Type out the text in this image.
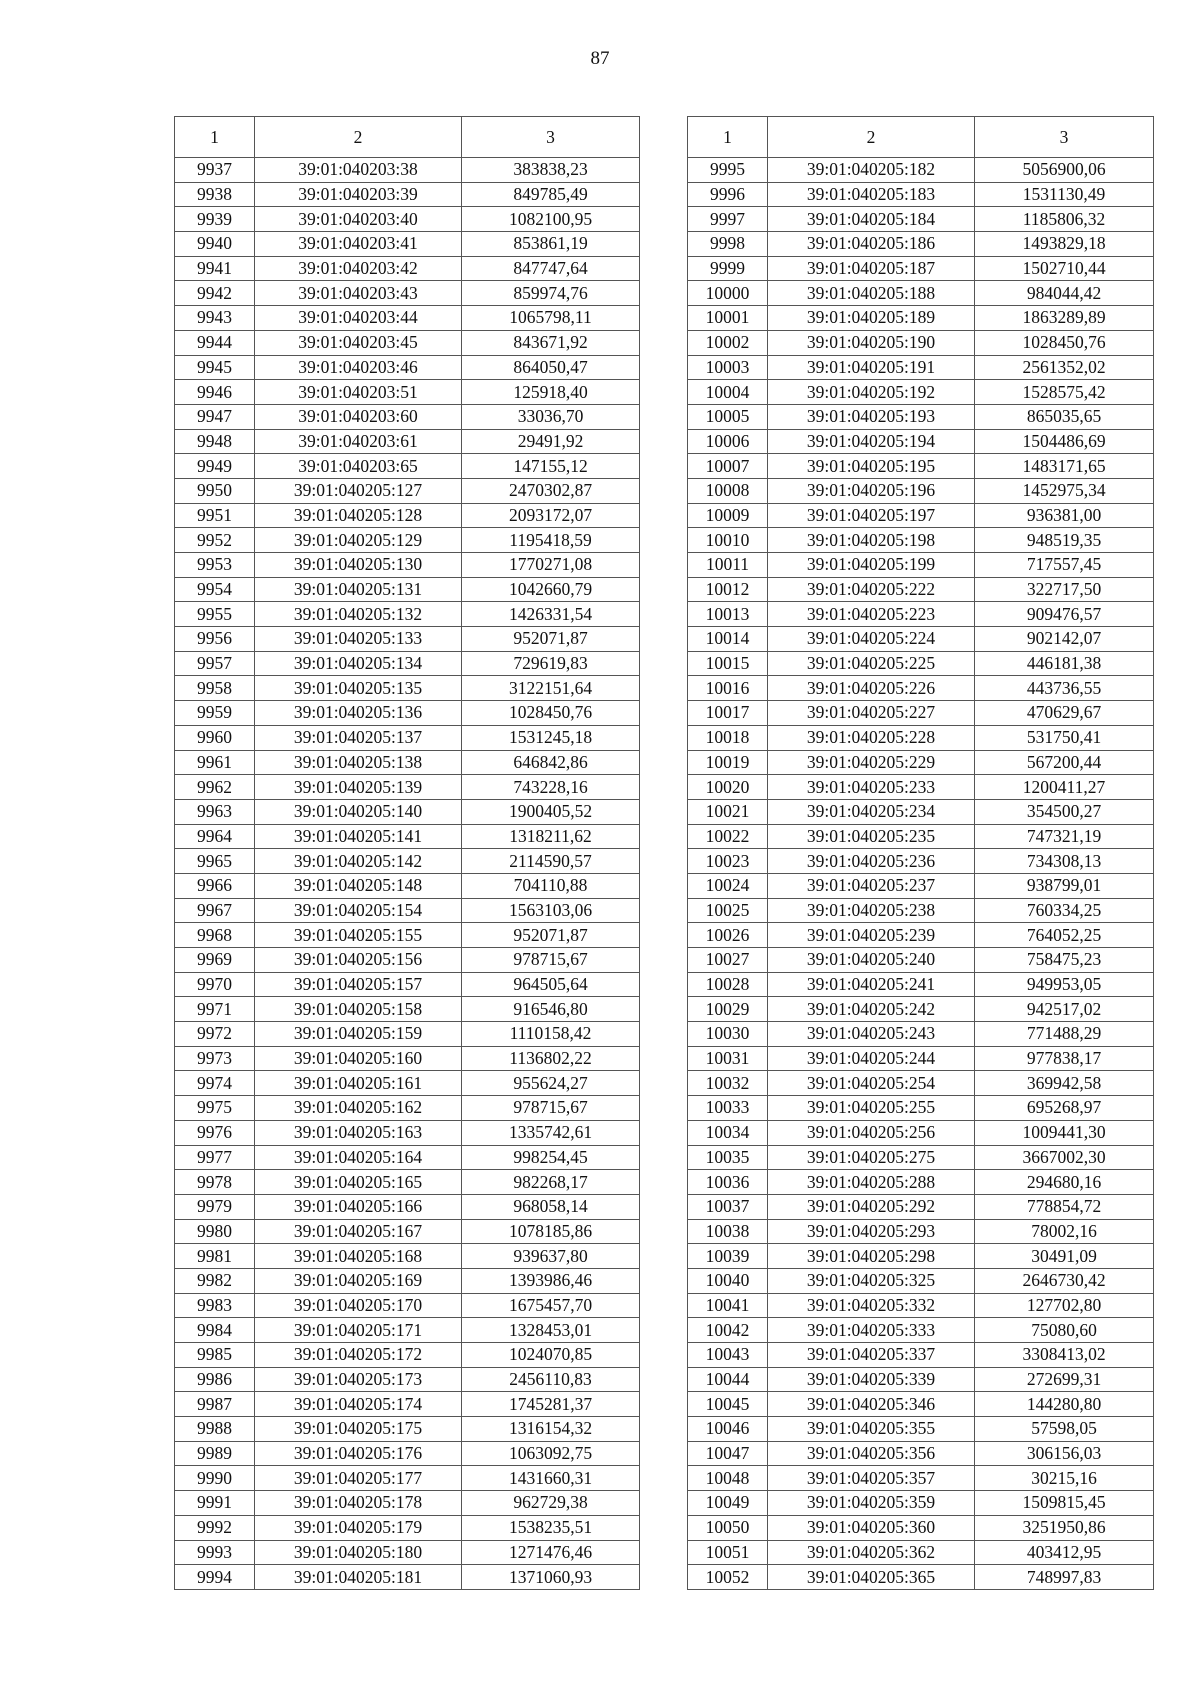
87
1	2	3
9937	39:01:040203:38	383838,23
9938	39:01:040203:39	849785,49
9939	39:01:040203:40	1082100,95
9940	39:01:040203:41	853861,19
9941	39:01:040203:42	847747,64
9942	39:01:040203:43	859974,76
9943	39:01:040203:44	1065798,11
9944	39:01:040203:45	843671,92
9945	39:01:040203:46	864050,47
9946	39:01:040203:51	125918,40
9947	39:01:040203:60	33036,70
9948	39:01:040203:61	29491,92
9949	39:01:040203:65	147155,12
9950	39:01:040205:127	2470302,87
9951	39:01:040205:128	2093172,07
9952	39:01:040205:129	1195418,59
9953	39:01:040205:130	1770271,08
9954	39:01:040205:131	1042660,79
9955	39:01:040205:132	1426331,54
9956	39:01:040205:133	952071,87
9957	39:01:040205:134	729619,83
9958	39:01:040205:135	3122151,64
9959	39:01:040205:136	1028450,76
9960	39:01:040205:137	1531245,18
9961	39:01:040205:138	646842,86
9962	39:01:040205:139	743228,16
9963	39:01:040205:140	1900405,52
9964	39:01:040205:141	1318211,62
9965	39:01:040205:142	2114590,57
9966	39:01:040205:148	704110,88
9967	39:01:040205:154	1563103,06
9968	39:01:040205:155	952071,87
9969	39:01:040205:156	978715,67
9970	39:01:040205:157	964505,64
9971	39:01:040205:158	916546,80
9972	39:01:040205:159	1110158,42
9973	39:01:040205:160	1136802,22
9974	39:01:040205:161	955624,27
9975	39:01:040205:162	978715,67
9976	39:01:040205:163	1335742,61
9977	39:01:040205:164	998254,45
9978	39:01:040205:165	982268,17
9979	39:01:040205:166	968058,14
9980	39:01:040205:167	1078185,86
9981	39:01:040205:168	939637,80
9982	39:01:040205:169	1393986,46
9983	39:01:040205:170	1675457,70
9984	39:01:040205:171	1328453,01
9985	39:01:040205:172	1024070,85
9986	39:01:040205:173	2456110,83
9987	39:01:040205:174	1745281,37
9988	39:01:040205:175	1316154,32
9989	39:01:040205:176	1063092,75
9990	39:01:040205:177	1431660,31
9991	39:01:040205:178	962729,38
9992	39:01:040205:179	1538235,51
9993	39:01:040205:180	1271476,46
9994	39:01:040205:181	1371060,93
1	2	3
9995	39:01:040205:182	5056900,06
9996	39:01:040205:183	1531130,49
9997	39:01:040205:184	1185806,32
9998	39:01:040205:186	1493829,18
9999	39:01:040205:187	1502710,44
10000	39:01:040205:188	984044,42
10001	39:01:040205:189	1863289,89
10002	39:01:040205:190	1028450,76
10003	39:01:040205:191	2561352,02
10004	39:01:040205:192	1528575,42
10005	39:01:040205:193	865035,65
10006	39:01:040205:194	1504486,69
10007	39:01:040205:195	1483171,65
10008	39:01:040205:196	1452975,34
10009	39:01:040205:197	936381,00
10010	39:01:040205:198	948519,35
10011	39:01:040205:199	717557,45
10012	39:01:040205:222	322717,50
10013	39:01:040205:223	909476,57
10014	39:01:040205:224	902142,07
10015	39:01:040205:225	446181,38
10016	39:01:040205:226	443736,55
10017	39:01:040205:227	470629,67
10018	39:01:040205:228	531750,41
10019	39:01:040205:229	567200,44
10020	39:01:040205:233	1200411,27
10021	39:01:040205:234	354500,27
10022	39:01:040205:235	747321,19
10023	39:01:040205:236	734308,13
10024	39:01:040205:237	938799,01
10025	39:01:040205:238	760334,25
10026	39:01:040205:239	764052,25
10027	39:01:040205:240	758475,23
10028	39:01:040205:241	949953,05
10029	39:01:040205:242	942517,02
10030	39:01:040205:243	771488,29
10031	39:01:040205:244	977838,17
10032	39:01:040205:254	369942,58
10033	39:01:040205:255	695268,97
10034	39:01:040205:256	1009441,30
10035	39:01:040205:275	3667002,30
10036	39:01:040205:288	294680,16
10037	39:01:040205:292	778854,72
10038	39:01:040205:293	78002,16
10039	39:01:040205:298	30491,09
10040	39:01:040205:325	2646730,42
10041	39:01:040205:332	127702,80
10042	39:01:040205:333	75080,60
10043	39:01:040205:337	3308413,02
10044	39:01:040205:339	272699,31
10045	39:01:040205:346	144280,80
10046	39:01:040205:355	57598,05
10047	39:01:040205:356	306156,03
10048	39:01:040205:357	30215,16
10049	39:01:040205:359	1509815,45
10050	39:01:040205:360	3251950,86
10051	39:01:040205:362	403412,95
10052	39:01:040205:365	748997,83
